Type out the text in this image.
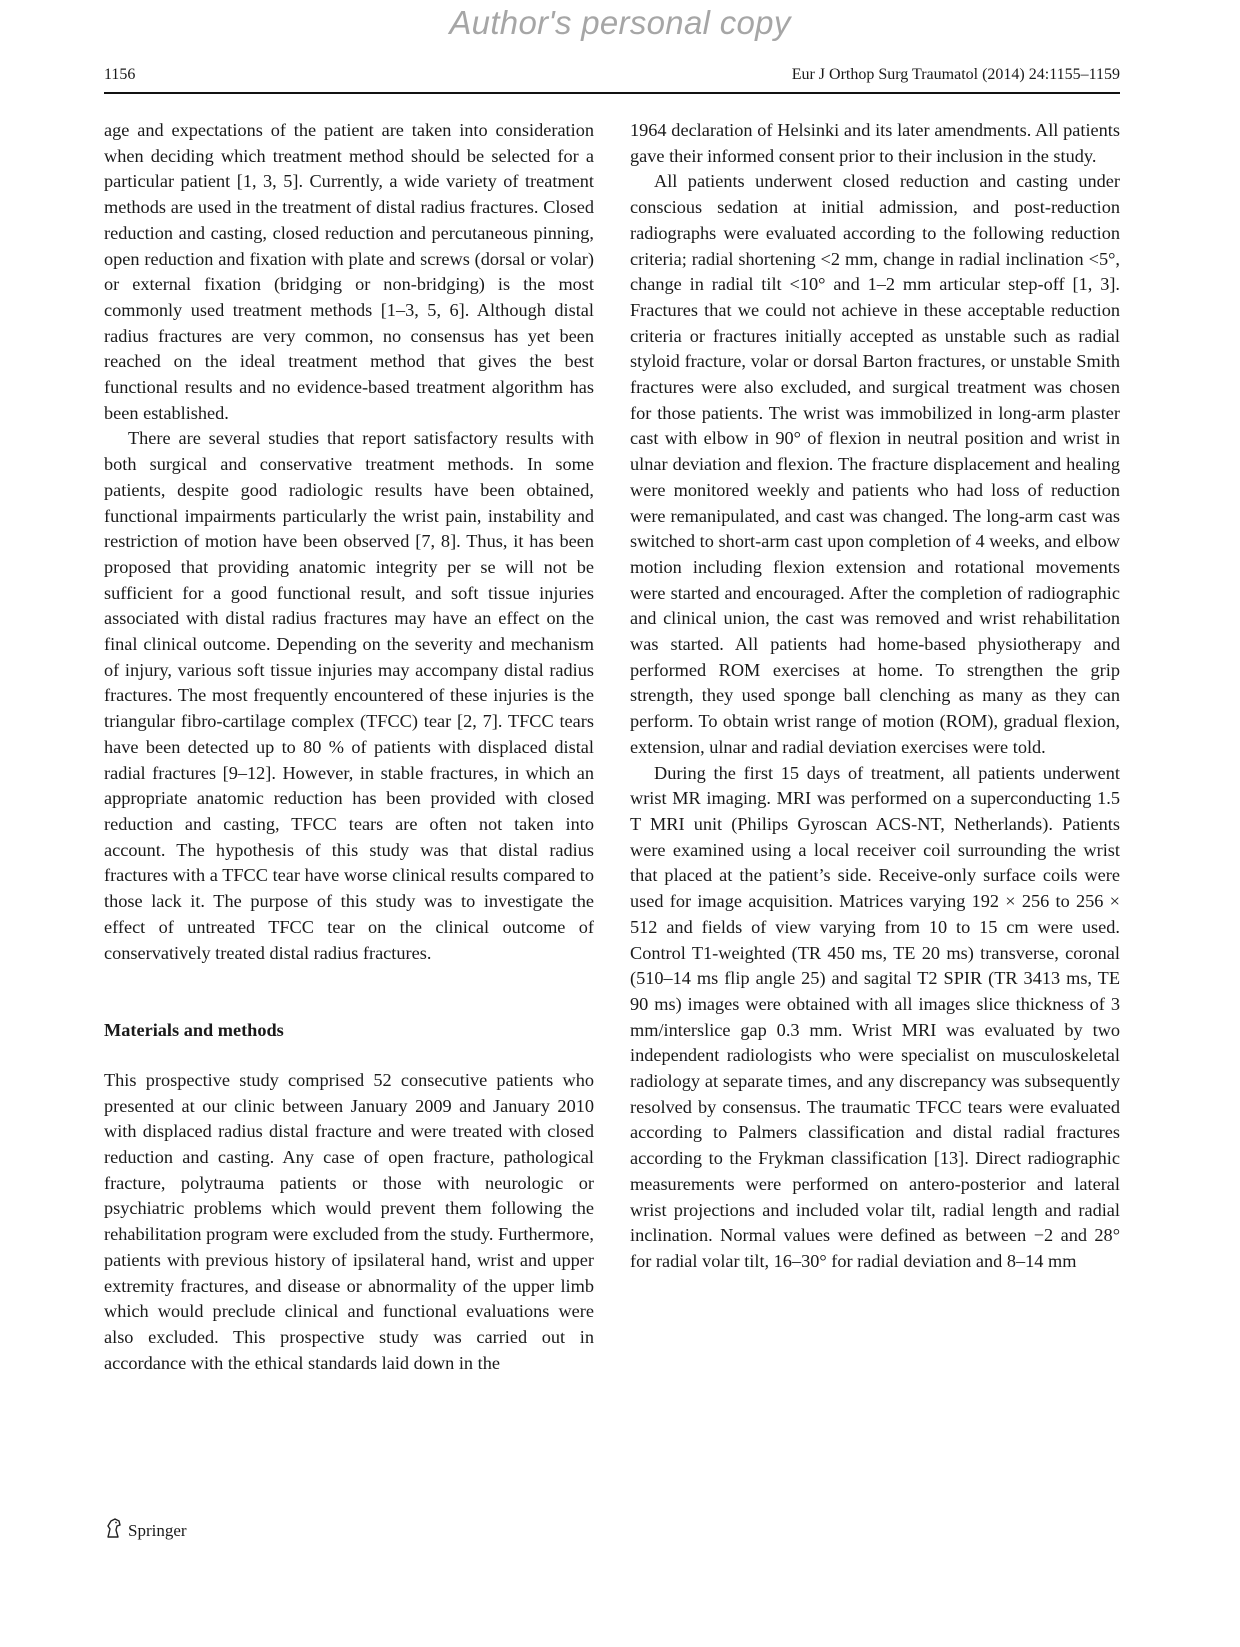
Author's personal copy
1156	Eur J Orthop Surg Traumatol (2014) 24:1155–1159

age and expectations of the patient are taken into consideration when deciding which treatment method should be selected for a particular patient [1, 3, 5]. Currently, a wide variety of treatment methods are used in the treatment of distal radius fractures. Closed reduction and casting, closed reduction and percutaneous pinning, open reduction and fixation with plate and screws (dorsal or volar) or external fixation (bridging or non-bridging) is the most commonly used treatment methods [1–3, 5, 6]. Although distal radius fractures are very common, no consensus has yet been reached on the ideal treatment method that gives the best functional results and no evidence-based treatment algorithm has been established.

There are several studies that report satisfactory results with both surgical and conservative treatment methods. In some patients, despite good radiologic results have been obtained, functional impairments particularly the wrist pain, instability and restriction of motion have been observed [7, 8]. Thus, it has been proposed that providing anatomic integrity per se will not be sufficient for a good functional result, and soft tissue injuries associated with distal radius fractures may have an effect on the final clinical outcome. Depending on the severity and mechanism of injury, various soft tissue injuries may accompany distal radius fractures. The most frequently encountered of these injuries is the triangular fibro-cartilage complex (TFCC) tear [2, 7]. TFCC tears have been detected up to 80 % of patients with displaced distal radial fractures [9–12]. However, in stable fractures, in which an appropriate anatomic reduction has been provided with closed reduction and casting, TFCC tears are often not taken into account. The hypothesis of this study was that distal radius fractures with a TFCC tear have worse clinical results compared to those lack it. The purpose of this study was to investigate the effect of untreated TFCC tear on the clinical outcome of conservatively treated distal radius fractures.

Materials and methods

This prospective study comprised 52 consecutive patients who presented at our clinic between January 2009 and January 2010 with displaced radius distal fracture and were treated with closed reduction and casting. Any case of open fracture, pathological fracture, polytrauma patients or those with neurologic or psychiatric problems which would prevent them following the rehabilitation program were excluded from the study. Furthermore, patients with previous history of ipsilateral hand, wrist and upper extremity fractures, and disease or abnormality of the upper limb which would preclude clinical and functional evaluations were also excluded. This prospective study was carried out in accordance with the ethical standards laid down in the

1964 declaration of Helsinki and its later amendments. All patients gave their informed consent prior to their inclusion in the study.

All patients underwent closed reduction and casting under conscious sedation at initial admission, and post-reduction radiographs were evaluated according to the following reduction criteria; radial shortening <2 mm, change in radial inclination <5°, change in radial tilt <10° and 1–2 mm articular step-off [1, 3]. Fractures that we could not achieve in these acceptable reduction criteria or fractures initially accepted as unstable such as radial styloid fracture, volar or dorsal Barton fractures, or unstable Smith fractures were also excluded, and surgical treatment was chosen for those patients. The wrist was immobilized in long-arm plaster cast with elbow in 90° of flexion in neutral position and wrist in ulnar deviation and flexion. The fracture displacement and healing were monitored weekly and patients who had loss of reduction were remanipulated, and cast was changed. The long-arm cast was switched to short-arm cast upon completion of 4 weeks, and elbow motion including flexion extension and rotational movements were started and encouraged. After the completion of radiographic and clinical union, the cast was removed and wrist rehabilitation was started. All patients had home-based physiotherapy and performed ROM exercises at home. To strengthen the grip strength, they used sponge ball clenching as many as they can perform. To obtain wrist range of motion (ROM), gradual flexion, extension, ulnar and radial deviation exercises were told.

During the first 15 days of treatment, all patients underwent wrist MR imaging. MRI was performed on a superconducting 1.5 T MRI unit (Philips Gyroscan ACS-NT, Netherlands). Patients were examined using a local receiver coil surrounding the wrist that placed at the patient’s side. Receive-only surface coils were used for image acquisition. Matrices varying 192 × 256 to 256 × 512 and fields of view varying from 10 to 15 cm were used. Control T1-weighted (TR 450 ms, TE 20 ms) transverse, coronal (510–14 ms flip angle 25) and sagital T2 SPIR (TR 3413 ms, TE 90 ms) images were obtained with all images slice thickness of 3 mm/interslice gap 0.3 mm. Wrist MRI was evaluated by two independent radiologists who were specialist on musculoskeletal radiology at separate times, and any discrepancy was subsequently resolved by consensus. The traumatic TFCC tears were evaluated according to Palmers classification and distal radial fractures according to the Frykman classification [13]. Direct radiographic measurements were performed on antero-posterior and lateral wrist projections and included volar tilt, radial length and radial inclination. Normal values were defined as between −2 and 28° for radial volar tilt, 16–30° for radial deviation and 8–14 mm

Springer
